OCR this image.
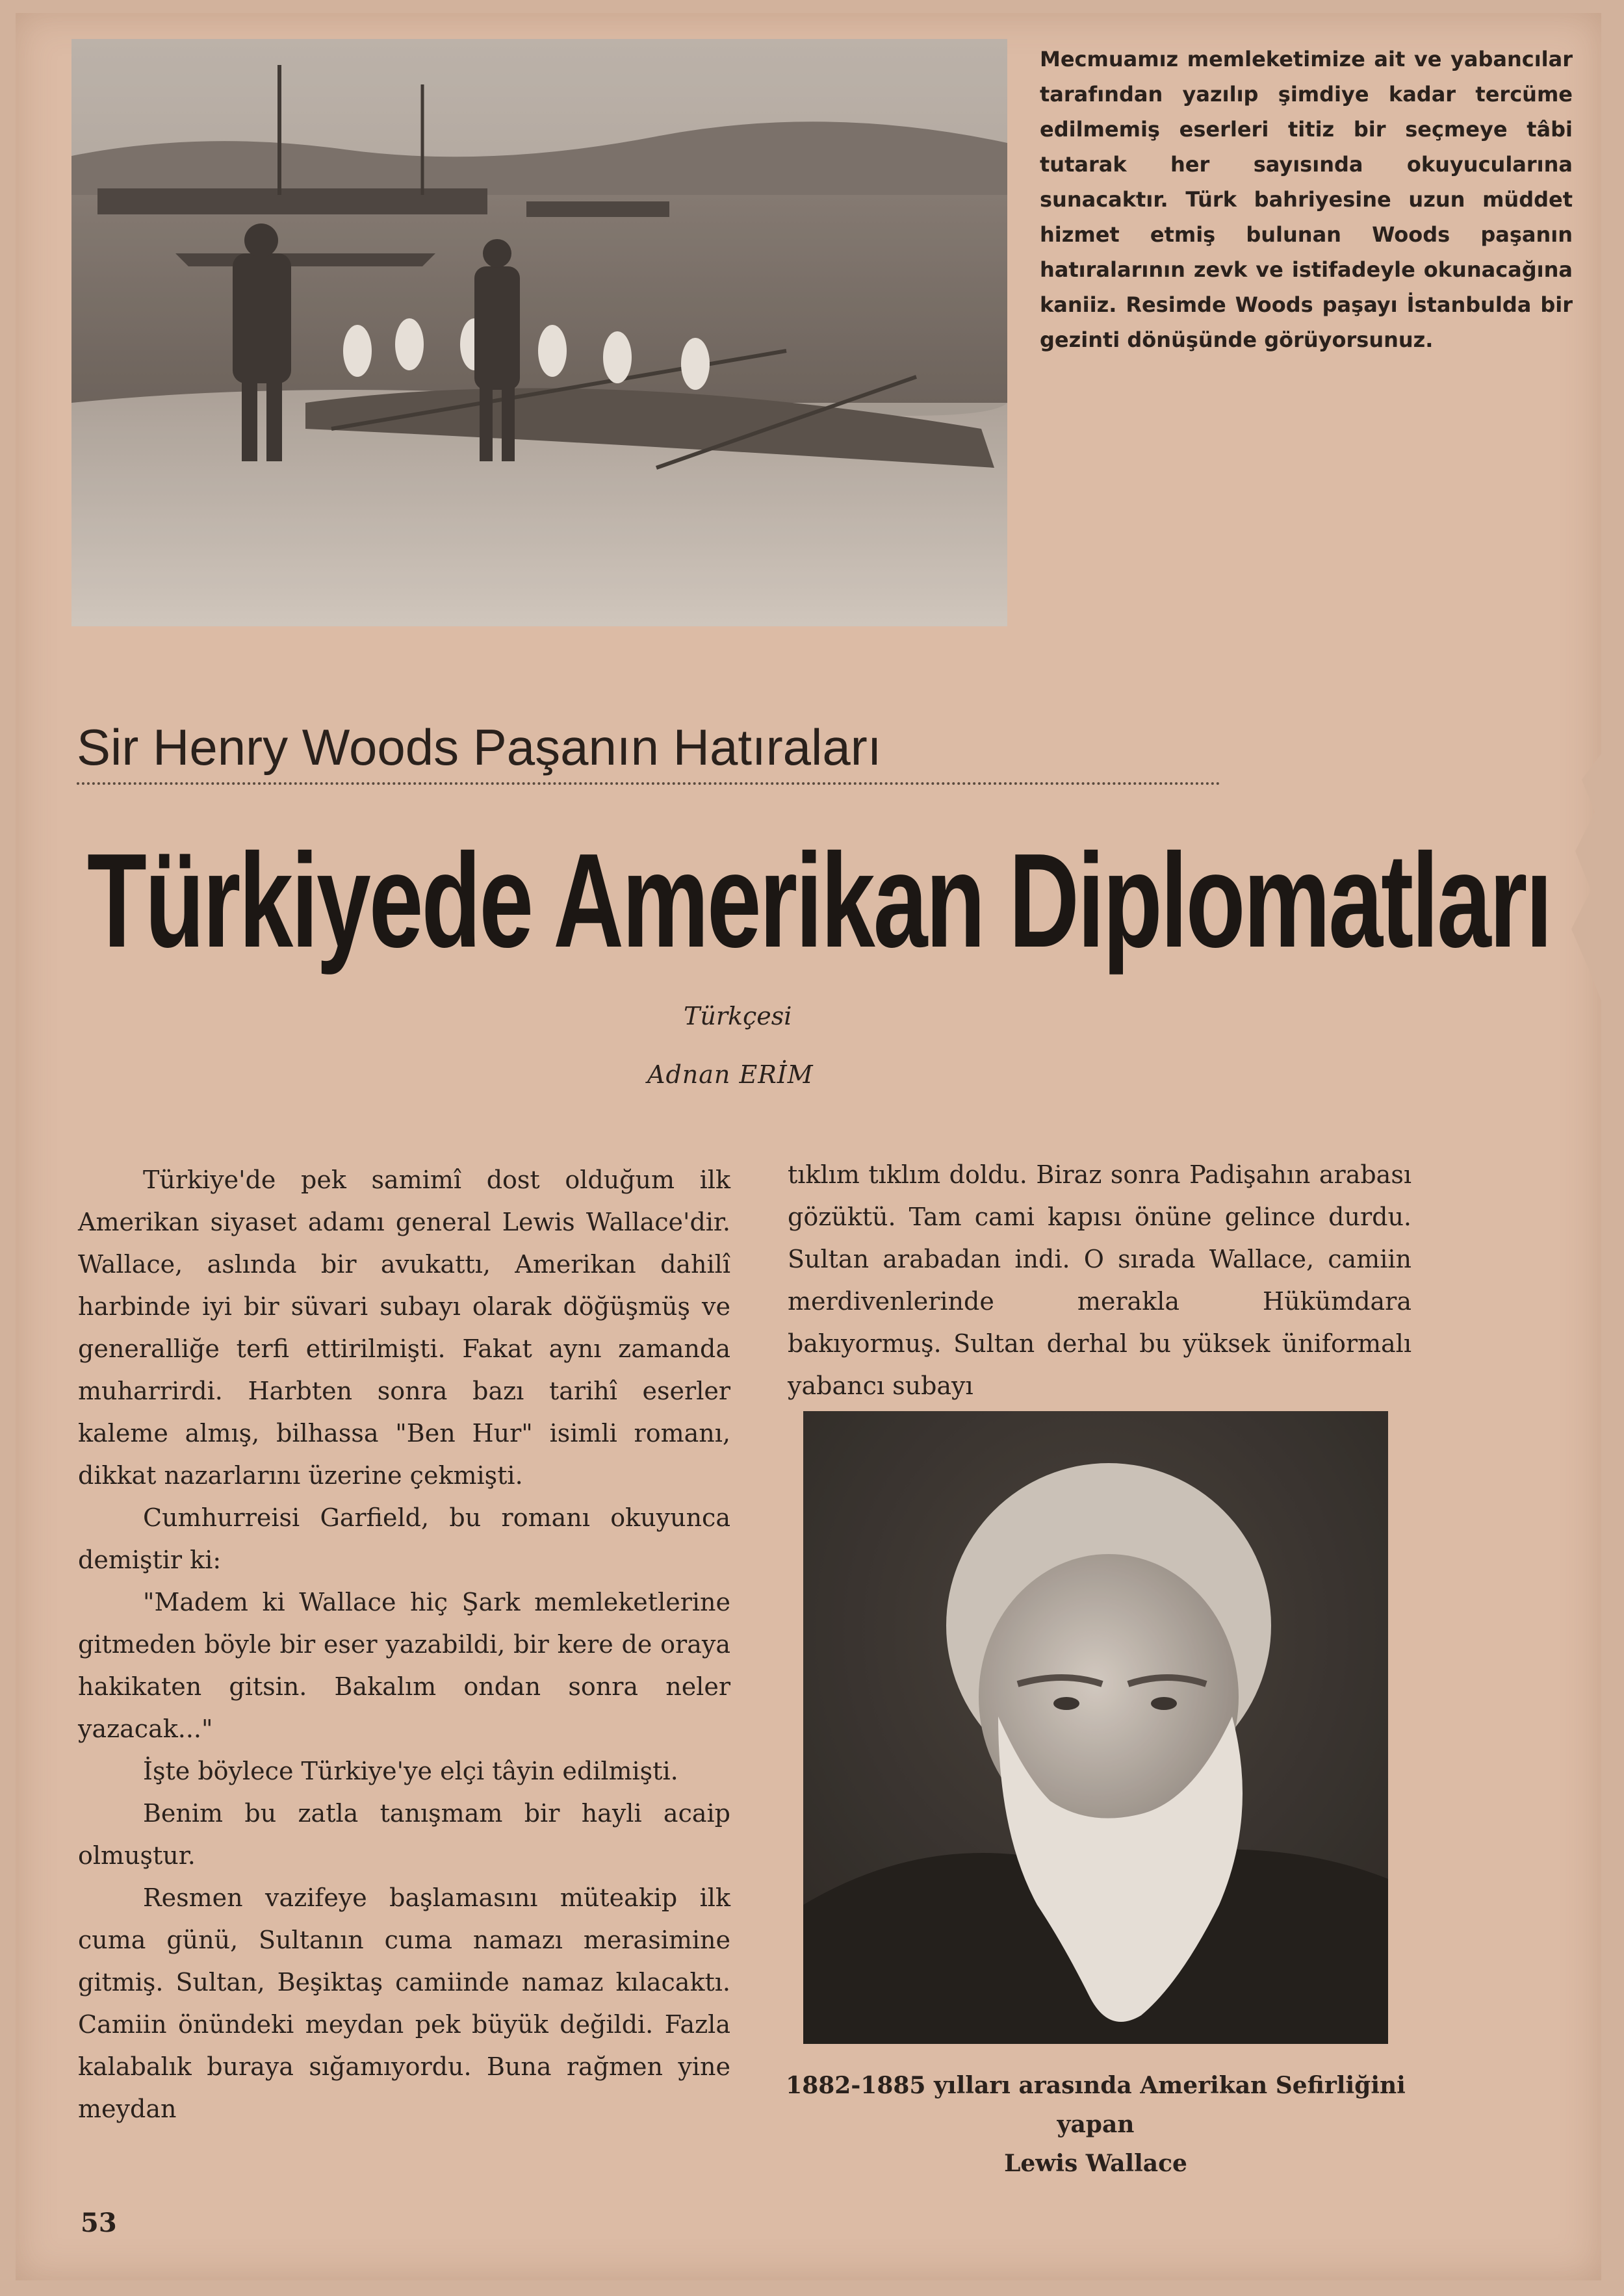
Mecmuamız memleketimize ait ve yabancılar tarafından yazılıp şimdiye kadar tercüme edilmemiş eserleri titiz bir seçmeye tâbi tutarak her sayısında okuyucularına sunacaktır. Türk bahriyesine uzun müddet hizmet etmiş bulunan Woods paşanın hatıralarının zevk ve istifadeyle okunacağına kaniiz. Resimde Woods paşayı İstanbulda bir gezinti dönüşünde görüyorsunuz.

Sir Henry Woods Paşanın Hatıraları
Türkiyede Amerikan Diplomatları
Türkçesi
Adnan ERİM

Türkiye'de pek samimî dost olduğum ilk Amerikan siyaset adamı general Lewis Wallace'dir. Wallace, aslında bir avukattı, Amerikan dahilî harbinde iyi bir süvari subayı olarak döğüşmüş ve generalliğe terfi ettirilmişti. Fakat aynı zamanda muharrirdi. Harbten sonra bazı tarihî eserler kaleme almış, bilhassa "Ben Hur" isimli romanı, dikkat nazarlarını üzerine çekmişti.

Cumhurreisi Garfield, bu romanı okuyunca demiştir ki:

"Madem ki Wallace hiç Şark memleketlerine gitmeden böyle bir eser yazabildi, bir kere de oraya hakikaten gitsin. Bakalım ondan sonra neler yazacak..."

İşte böylece Türkiye'ye elçi tâyin edilmişti.

Benim bu zatla tanışmam bir hayli acaip olmuştur.

Resmen vazifeye başlamasını müteakip ilk cuma günü, Sultanın cuma namazı merasimine gitmiş. Sultan, Beşiktaş camiinde namaz kılacaktı. Camiin önündeki meydan pek büyük değildi. Fazla kalabalık buraya sığamıyordu. Buna rağmen yine meydan

tıklım tıklım doldu. Biraz sonra Padişahın arabası gözüktü. Tam cami kapısı önüne gelince durdu. Sultan arabadan indi. O sırada Wallace, camiin merdivenlerinde merakla Hükümdara bakıyormuş. Sultan derhal bu yüksek üniformalı yabancı subayı

1882-1885 yılları arasında Amerikan Sefirliğini yapan
Lewis Wallace
53
